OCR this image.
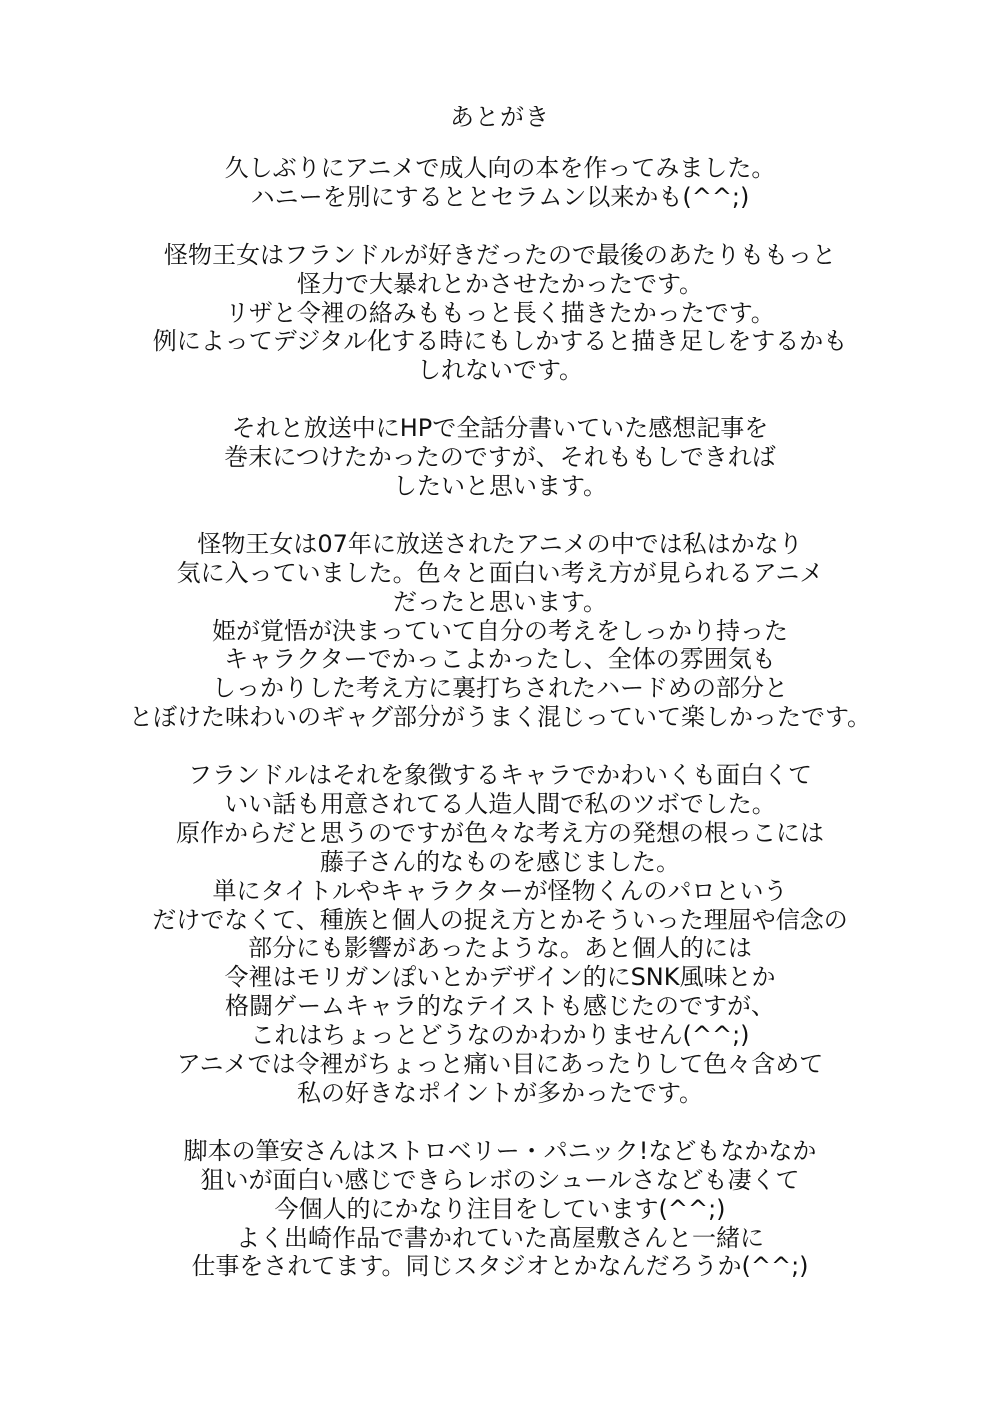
あとがき
久しぶりにアニメで成人向の本を作ってみました。
ハニーを別にするととセラムン以来かも(^^;)
怪物王女はフランドルが好きだったので最後のあたりももっと
怪力で大暴れとかさせたかったです。
リザと令裡の絡みももっと長く描きたかったです。
例によってデジタル化する時にもしかすると描き足しをするかも
しれないです。
それと放送中にHPで全話分書いていた感想記事を
巻末につけたかったのですが、それももしできれば
したいと思います。
怪物王女は07年に放送されたアニメの中では私はかなり
気に入っていました。色々と面白い考え方が見られるアニメ
だったと思います。
姫が覚悟が決まっていて自分の考えをしっかり持った
キャラクターでかっこよかったし、全体の雰囲気も
しっかりした考え方に裏打ちされたハードめの部分と
とぼけた味わいのギャグ部分がうまく混じっていて楽しかったです。
フランドルはそれを象徴するキャラでかわいくも面白くて
いい話も用意されてる人造人間で私のツボでした。
原作からだと思うのですが色々な考え方の発想の根っこには
藤子さん的なものを感じました。
単にタイトルやキャラクターが怪物くんのパロという
だけでなくて、種族と個人の捉え方とかそういった理屈や信念の
部分にも影響があったような。あと個人的には
令裡はモリガンぽいとかデザイン的にSNK風味とか
格闘ゲームキャラ的なテイストも感じたのですが、
これはちょっとどうなのかわかりません(^^;)
アニメでは令裡がちょっと痛い目にあったりして色々含めて
私の好きなポイントが多かったです。
脚本の筆安さんはストロベリー・パニック!などもなかなか
狙いが面白い感じできらレボのシュールさなども凄くて
今個人的にかなり注目をしています(^^;)
よく出崎作品で書かれていた髙屋敷さんと一緒に
仕事をされてます。同じスタジオとかなんだろうか(^^;)
